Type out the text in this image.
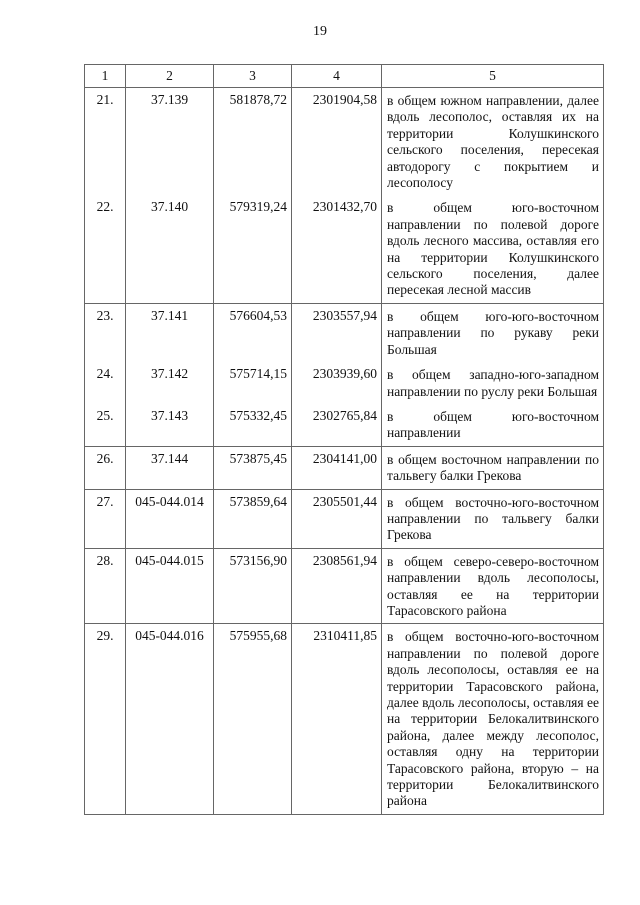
19
1	2	3	4	5
21.	37.139	581878,72	2301904,58	в общем южном направлении, далее вдоль лесополос, оставляя их на территории Колушкинского сельского поселения, пересекая автодорогу с покрытием и лесополосу
22.	37.140	579319,24	2301432,70	в общем юго-восточном направлении по полевой дороге вдоль лесного массива, оставляя его на территории Колушкинского сельского поселения, далее пересекая лесной массив
23.	37.141	576604,53	2303557,94	в общем юго-юго-восточном направлении по рукаву реки Большая
24.	37.142	575714,15	2303939,60	в общем западно-юго-западном направлении по руслу реки Большая
25.	37.143	575332,45	2302765,84	в общем юго-восточном направлении
26.	37.144	573875,45	2304141,00	в общем восточном направлении по тальвегу балки Грекова
27.	045-044.014	573859,64	2305501,44	в общем восточно-юго-восточном направлении по тальвегу балки Грекова
28.	045-044.015	573156,90	2308561,94	в общем северо-северо-восточном направлении вдоль лесополосы, оставляя ее на территории Тарасовского района
29.	045-044.016	575955,68	2310411,85	в общем восточно-юго-восточном направлении по полевой дороге вдоль лесополосы, оставляя ее на территории Тарасовского района, далее вдоль лесополосы, оставляя ее на территории Белокалитвинского района, далее между лесополос, оставляя одну на территории Тарасовского района, вторую – на территории Белокалитвинского района
